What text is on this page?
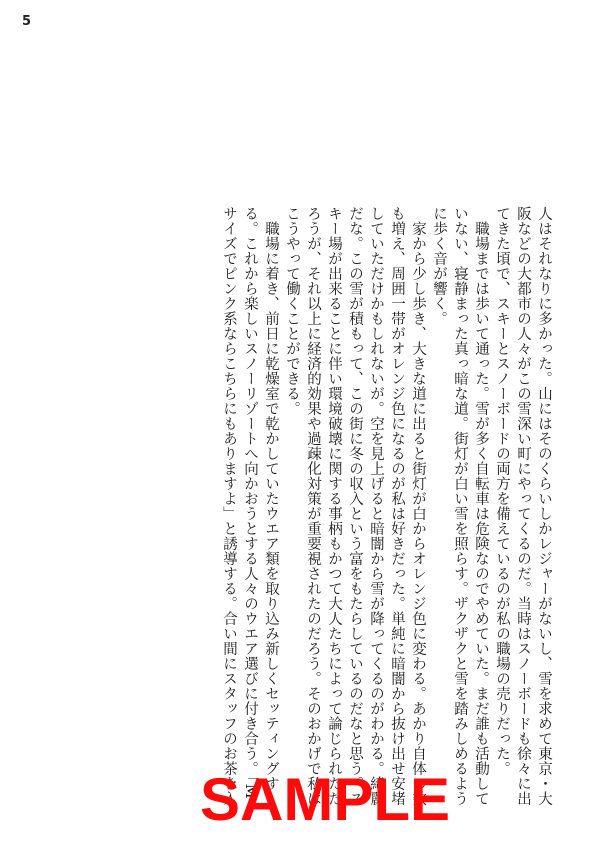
5
人はそれなりに多かった。山にはそのくらいしかレジャーがないし、雪を求めて東京・大
阪などの大都市の人々がこの雪深い町にやってくるのだ。当時はスノーボードも徐々に出
てきた頃で、スキーとスノーボードの両方を備えているのが私の職場の売りだった。
　職場までは歩いて通った。雪が多く自転車は危険なのでやめていた。まだ誰も活動して
いない、寝静まった真っ暗な道。街灯が白い雪を照らす。ザクザクと雪を踏みしめるよう
に歩く音が響く。
　家から少し歩き、大きな道に出ると街灯が白からオレンジ色に変わる。あかり自体の数
も増え、周囲一帯がオレンジ色になるのが私は好きだった。単純に暗闇から抜け出せ安堵
していただけかもしれないが。空を見上げると暗闇から雪が降ってくるのがわかる。綺麗
だな。この雪が積もって、この街に冬の収入という富をもたらしているのだなと思う。ス
キー場が出来ることに伴い環境破壊に関する事柄もかつて大人たちによって論じられただ
ろうが、それ以上に経済的効果や過疎化対策が重要視されたのだろう。そのおかげで私は
こうやって働くことができる。
　職場に着き、前日に乾燥室で乾かしていたウエア類を取り込み新しくセッティングす
る。これから楽しいスノーリゾートへ向かおうとする人々のウエア選びに付き合う。「M
サイズでピンク系ならこちらにもありますよ」と誘導する。合い間にスタッフのお茶を入
SAMPLE
